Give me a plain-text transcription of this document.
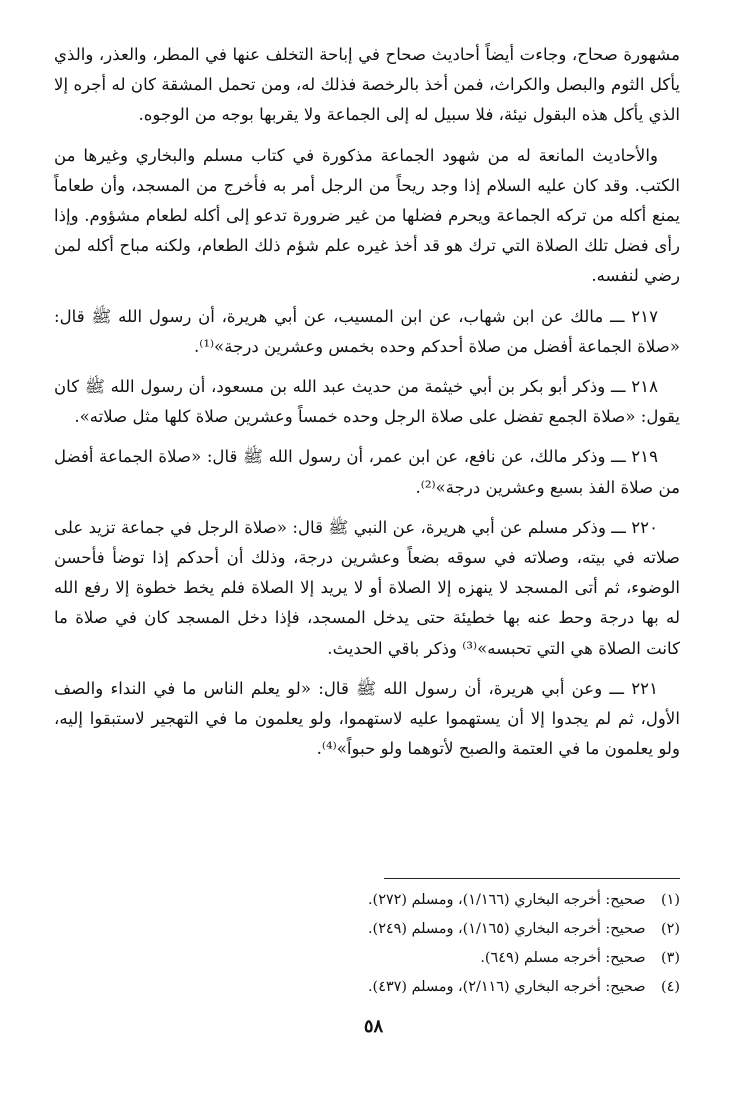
مشهورة صحاح، وجاءت أيضاً أحاديث صحاح في إباحة التخلف عنها في المطر، والعذر، والذي يأكل الثوم والبصل والكراث، فمن أخذ بالرخصة فذلك له، ومن تحمل المشقة كان له أجره إلا الذي يأكل هذه البقول نيئة، فلا سبيل له إلى الجماعة ولا يقربها بوجه من الوجوه.

والأحاديث المانعة له من شهود الجماعة مذكورة في كتاب مسلم والبخاري وغيرها من الكتب. وقد كان عليه السلام إذا وجد ريحاً من الرجل أمر به فأخرج من المسجد، وأن طعاماً يمنع أكله من تركه الجماعة ويحرم فضلها من غير ضرورة تدعو إلى أكله لطعام مشؤوم. وإذا رأى فضل تلك الصلاة التي ترك هو قد أخذ غيره علم شؤم ذلك الطعام، ولكنه مباح أكله لمن رضي لنفسه.

٢١٧ ـــ مالك عن ابن شهاب، عن ابن المسيب، عن أبي هريرة، أن رسول الله ﷺ قال: «صلاة الجماعة أفضل من صلاة أحدكم وحده بخمس وعشرين درجة»⁽¹⁾.

٢١٨ ـــ وذكر أبو بكر بن أبي خيثمة من حديث عبد الله بن مسعود، أن رسول الله ﷺ كان يقول: «صلاة الجمع تفضل على صلاة الرجل وحده خمساً وعشرين صلاة كلها مثل صلاته».

٢١٩ ـــ وذكر مالك، عن نافع، عن ابن عمر، أن رسول الله ﷺ قال: «صلاة الجماعة أفضل من صلاة الفذ بسبع وعشرين درجة»⁽²⁾.

٢٢٠ ـــ وذكر مسلم عن أبي هريرة، عن النبي ﷺ قال: «صلاة الرجل في جماعة تزيد على صلاته في بيته، وصلاته في سوقه بضعاً وعشرين درجة، وذلك أن أحدكم إذا توضأ فأحسن الوضوء، ثم أتى المسجد لا ينهزه إلا الصلاة أو لا يريد إلا الصلاة فلم يخط خطوة إلا رفع الله له بها درجة وحط عنه بها خطيئة حتى يدخل المسجد، فإذا دخل المسجد كان في صلاة ما كانت الصلاة هي التي تحبسه»⁽³⁾ وذكر باقي الحديث.

٢٢١ ـــ وعن أبي هريرة، أن رسول الله ﷺ قال: «لو يعلم الناس ما في النداء والصف الأول، ثم لم يجدوا إلا أن يستهموا عليه لاستهموا، ولو يعلمون ما في التهجير لاستبقوا إليه، ولو يعلمون ما في العتمة والصبح لأتوهما ولو حبواً»⁽⁴⁾.

(١) صحيح: أخرجه البخاري (١/١٦٦)، ومسلم (٢٧٢).
(٢) صحيح: أخرجه البخاري (١/١٦٥)، ومسلم (٢٤٩).
(٣) صحيح: أخرجه مسلم (٦٤٩).
(٤) صحيح: أخرجه البخاري (٢/١١٦)، ومسلم (٤٣٧).
٥٨
